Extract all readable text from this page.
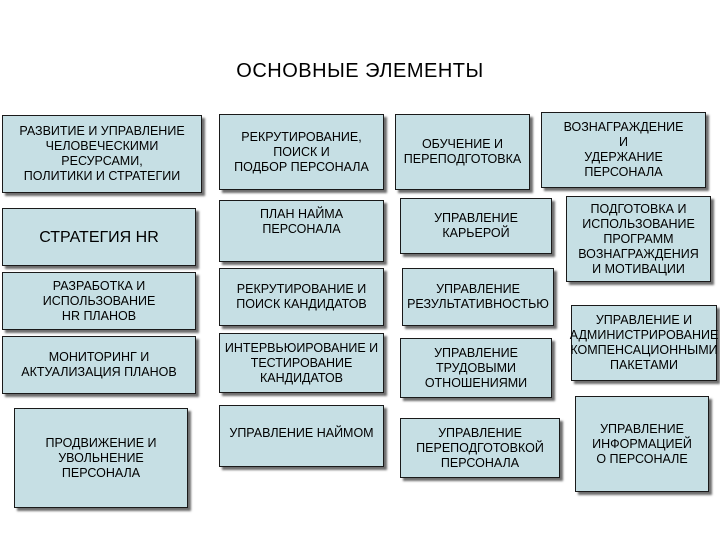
ОСНОВНЫЕ ЭЛЕМЕНТЫ
РАЗВИТИЕ И УПРАВЛЕНИЕ
ЧЕЛОВЕЧЕСКИМИ
РЕСУРСАМИ,
ПОЛИТИКИ И СТРАТЕГИИ
СТРАТЕГИЯ HR
РАЗРАБОТКА И
ИСПОЛЬЗОВАНИЕ
HR ПЛАНОВ
МОНИТОРИНГ И
АКТУАЛИЗАЦИЯ ПЛАНОВ
ПРОДВИЖЕНИЕ И
УВОЛЬНЕНИЕ
ПЕРСОНАЛА
РЕКРУТИРОВАНИЕ,
ПОИСК И
ПОДБОР ПЕРСОНАЛА
ПЛАН НАЙМА
ПЕРСОНАЛА
РЕКРУТИРОВАНИЕ И
ПОИСК КАНДИДАТОВ
ИНТЕРВЬЮИРОВАНИЕ И
ТЕСТИРОВАНИЕ
КАНДИДАТОВ
УПРАВЛЕНИЕ НАЙМОМ
ОБУЧЕНИЕ И
ПЕРЕПОДГОТОВКА
УПРАВЛЕНИЕ
КАРЬЕРОЙ
УПРАВЛЕНИЕ
РЕЗУЛЬТАТИВНОСТЬЮ
УПРАВЛЕНИЕ
ТРУДОВЫМИ
ОТНОШЕНИЯМИ
УПРАВЛЕНИЕ
ПЕРЕПОДГОТОВКОЙ
ПЕРСОНАЛА
ВОЗНАГРАЖДЕНИЕ
И
УДЕРЖАНИЕ
ПЕРСОНАЛА
ПОДГОТОВКА И
ИСПОЛЬЗОВАНИЕ
ПРОГРАММ
ВОЗНАГРАЖДЕНИЯ
И МОТИВАЦИИ
УПРАВЛЕНИЕ И
АДМИНИСТРИРОВАНИЕ
КОМПЕНСАЦИОННЫМИ
ПАКЕТАМИ
УПРАВЛЕНИЕ
ИНФОРМАЦИЕЙ
О ПЕРСОНАЛЕ
